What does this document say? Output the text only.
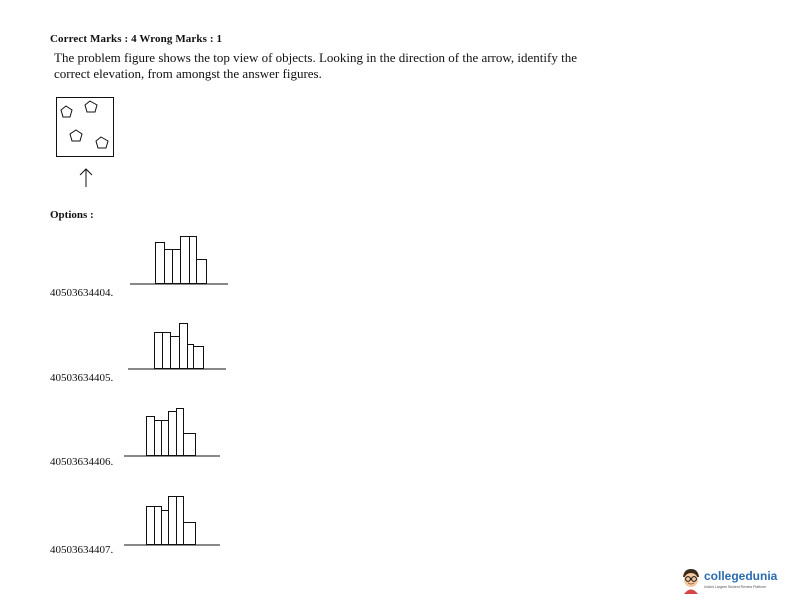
Correct Marks : 4 Wrong Marks : 1
The problem figure shows the top view of objects. Looking in the direction of the arrow, identify the correct elevation, from amongst the answer figures.
Options :
40503634404.
40503634405.
40503634406.
40503634407.
collegedunia
India's Largest Student Review Platform
